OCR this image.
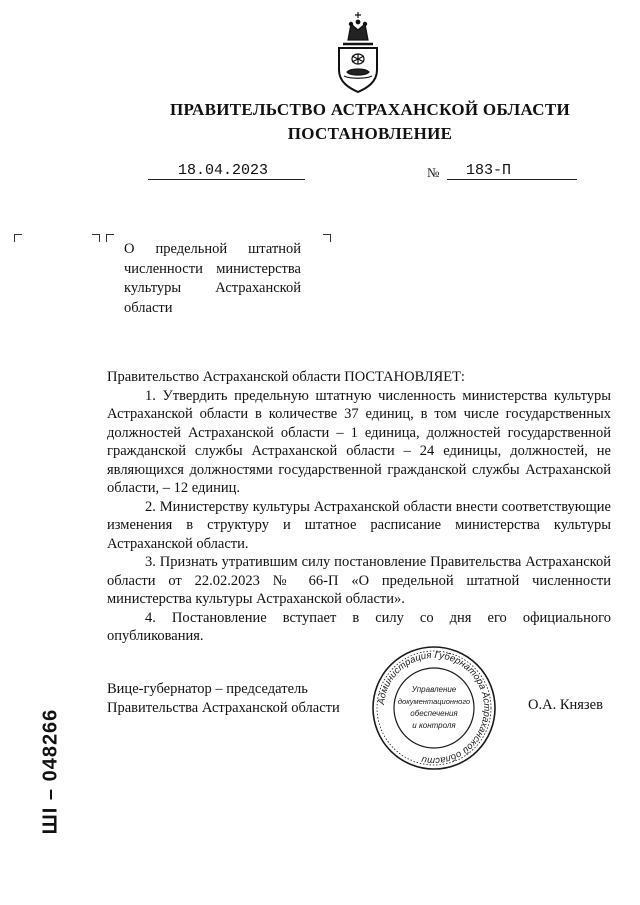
ПРАВИТЕЛЬСТВО АСТРАХАНСКОЙ ОБЛАСТИ
ПОСТАНОВЛЕНИЕ
18.04.2023	№ 183-П
О предельной штатной численности министерства культуры Астраханской области

Правительство Астраханской области ПОСТАНОВЛЯЕТ:

1. Утвердить предельную штатную численность министерства культуры Астраханской области в количестве 37 единиц, в том числе государственных должностей Астраханской области – 1 единица, должностей государственной гражданской службы Астраханской области – 24 единицы, должностей, не являющихся должностями государственной гражданской службы Астраханской области, – 12 единиц.

2. Министерству культуры Астраханской области внести соответствующие изменения в структуру и штатное расписание министерства культуры Астраханской области.

3. Признать утратившим силу постановление Правительства Астраханской области от 22.02.2023 № 66-П «О предельной штатной численности министерства культуры Астраханской области».

4. Постановление вступает в силу со дня его официального опубликования.

Вице-губернатор – председатель
Правительства Астраханской области	Администрация Губернатора Астраханской области
Управление
документационного
обеспечения
и контроля
О.А. Князев
ШI – 048266
